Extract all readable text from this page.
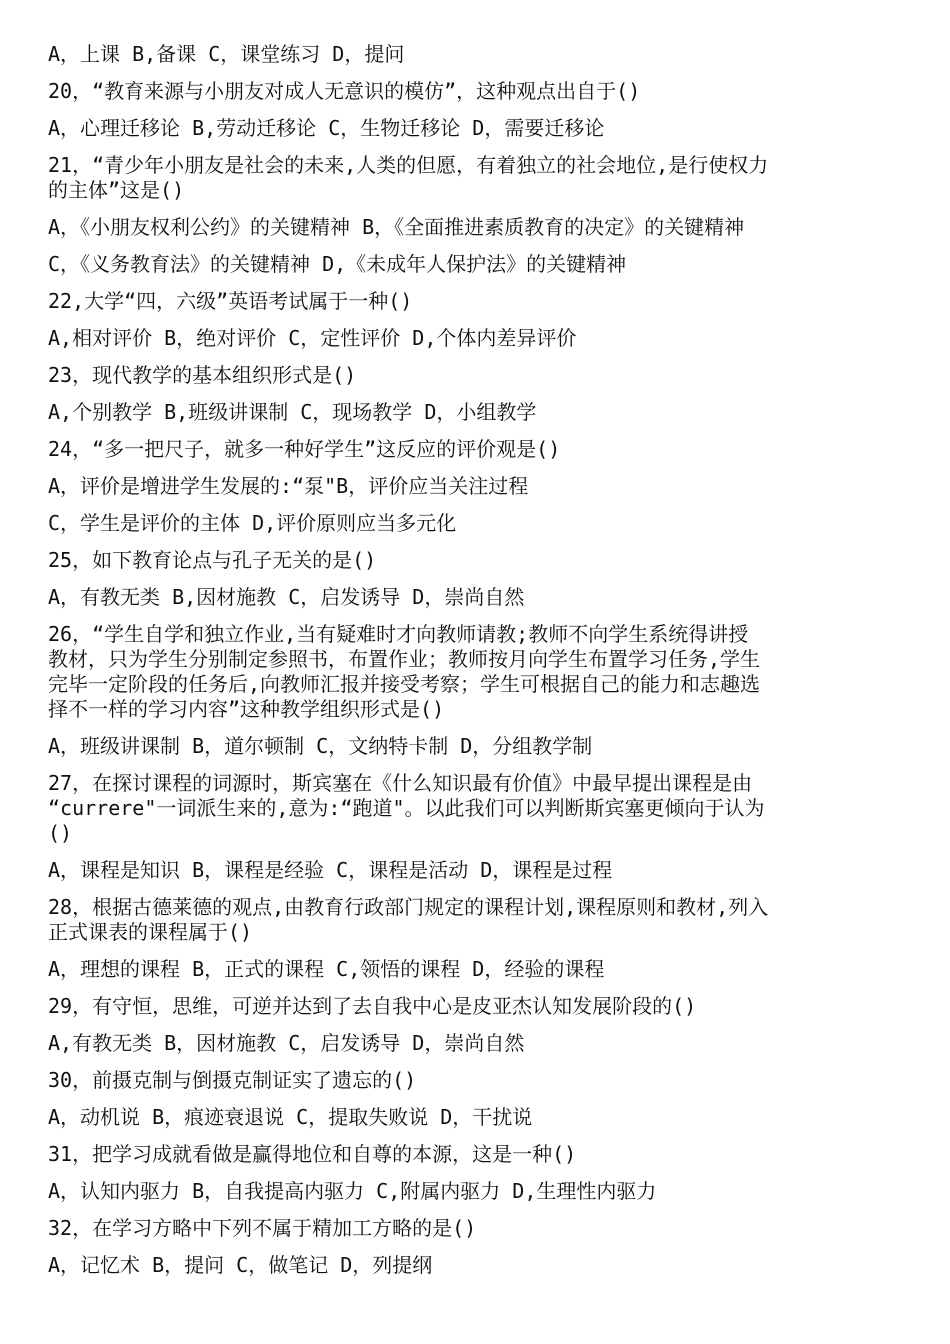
A，上课 B,备课 C，课堂练习 D，提问

20，“教育来源与小朋友对成人无意识的模仿”，这种观点出自于()

A，心理迁移论 B,劳动迁移论 C，生物迁移论 D，需要迁移论

21，“青少年小朋友是社会的未来,人类的但愿，有着独立的社会地位,是行使权力

的主体”这是()

A，《小朋友权利公约》的关键精神 B，《全面推进素质教育的决定》的关键精神

C，《义务教育法》的关键精神 D,《未成年人保护法》的关键精神

22,大学“四，六级”英语考试属于一种()

A,相对评价 B，绝对评价 C，定性评价 D,个体内差异评价

23，现代教学的基本组织形式是()

A,个别教学 B,班级讲课制 C，现场教学 D，小组教学

24，“多一把尺子，就多一种好学生”这反应的评价观是()

A，评价是增进学生发展的:“泵"B，评价应当关注过程

C，学生是评价的主体 D,评价原则应当多元化

25，如下教育论点与孔子无关的是()

A，有教无类 B,因材施教 C，启发诱导 D，崇尚自然

26，“学生自学和独立作业,当有疑难时才向教师请教;教师不向学生系统得讲授

教材，只为学生分别制定参照书，布置作业；教师按月向学生布置学习任务,学生

完毕一定阶段的任务后,向教师汇报并接受考察；学生可根据自己的能力和志趣选

择不一样的学习内容”这种教学组织形式是()

A，班级讲课制 B，道尔顿制 C，文纳特卡制 D，分组教学制

27，在探讨课程的词源时，斯宾塞在《什么知识最有价值》中最早提出课程是由

“currere"一词派生来的,意为:“跑道"。以此我们可以判断斯宾塞更倾向于认为

()

A，课程是知识 B，课程是经验 C，课程是活动 D，课程是过程

28，根据古德莱德的观点,由教育行政部门规定的课程计划,课程原则和教材,列入

正式课表的课程属于()

A，理想的课程 B，正式的课程 C,领悟的课程 D，经验的课程

29，有守恒，思维，可逆并达到了去自我中心是皮亚杰认知发展阶段的()

A,有教无类 B，因材施教 C，启发诱导 D，崇尚自然

30，前摄克制与倒摄克制证实了遗忘的()

A，动机说 B，痕迹衰退说 C，提取失败说 D，干扰说

31，把学习成就看做是赢得地位和自尊的本源，这是一种()

A，认知内驱力 B，自我提高内驱力 C,附属内驱力 D,生理性内驱力

32，在学习方略中下列不属于精加工方略的是()

A，记忆术 B，提问 C，做笔记 D，列提纲
